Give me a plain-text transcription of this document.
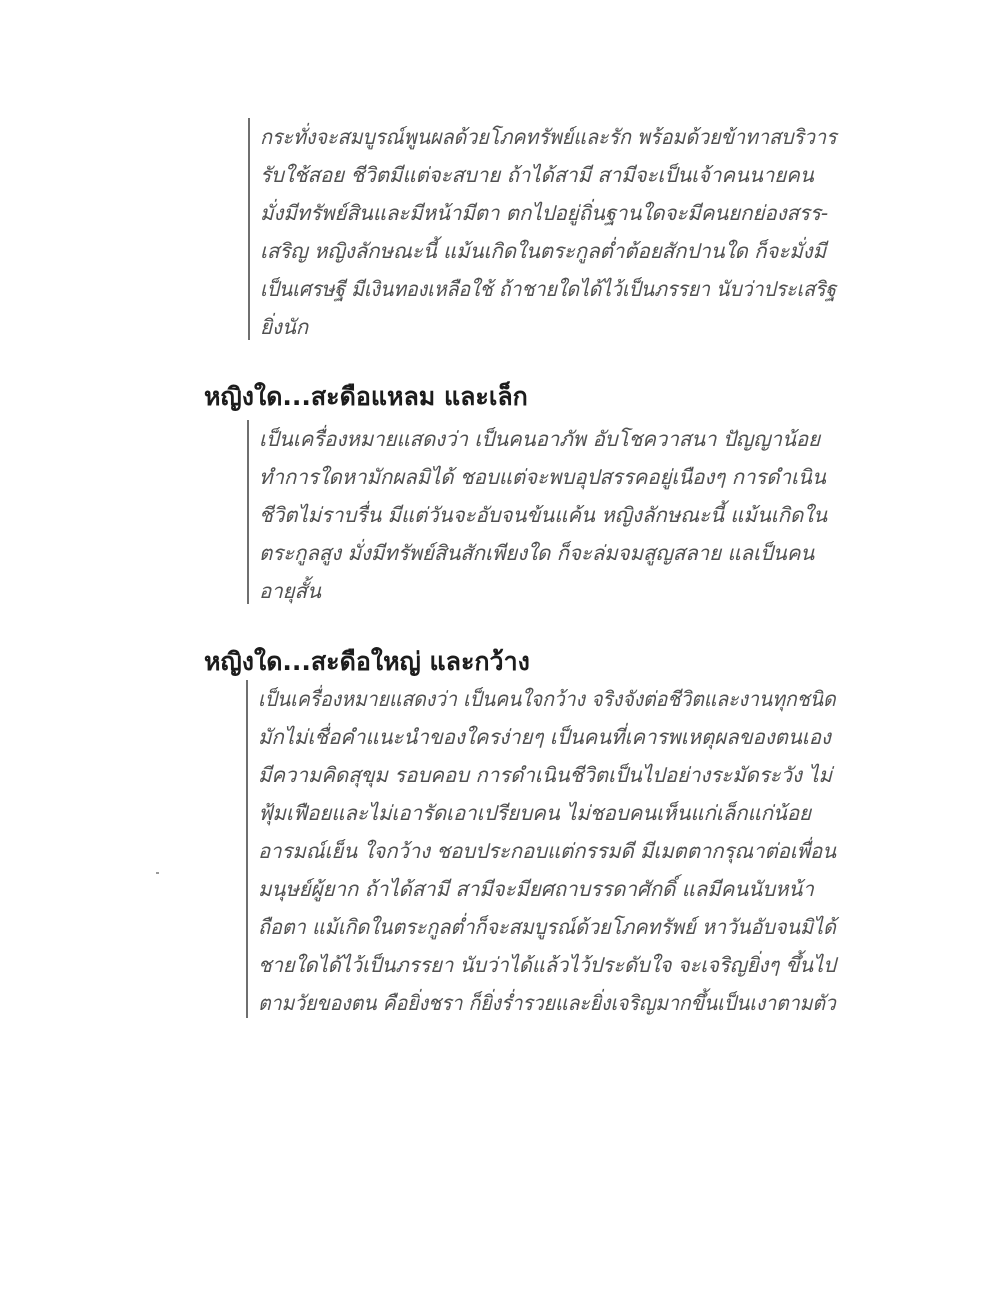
กระทั่งจะสมบูรณ์พูนผลด้วยโภคทรัพย์และรัก พร้อมด้วยข้าทาสบริวาร
รับใช้สอย ชีวิตมีแต่จะสบาย ถ้าได้สามี สามีจะเป็นเจ้าคนนายคน
มั่งมีทรัพย์สินและมีหน้ามีตา ตกไปอยู่ถิ่นฐานใดจะมีคนยกย่องสรร-
เสริญ หญิงลักษณะนี้ แม้นเกิดในตระกูลต่ำต้อยสักปานใด ก็จะมั่งมี
เป็นเศรษฐี มีเงินทองเหลือใช้ ถ้าชายใดได้ไว้เป็นภรรยา นับว่าประเสริฐ
ยิ่งนัก
หญิงใด...สะดือแหลม และเล็ก
เป็นเครื่องหมายแสดงว่า เป็นคนอาภัพ อับโชควาสนา ปัญญาน้อย
ทำการใดหามักผลมิได้ ชอบแต่จะพบอุปสรรคอยู่เนืองๆ การดำเนิน
ชีวิตไม่ราบรื่น มีแต่วันจะอับจนข้นแค้น หญิงลักษณะนี้ แม้นเกิดใน
ตระกูลสูง มั่งมีทรัพย์สินสักเพียงใด ก็จะล่มจมสูญสลาย แลเป็นคน
อายุสั้น
หญิงใด...สะดือใหญ่ และกว้าง
เป็นเครื่องหมายแสดงว่า เป็นคนใจกว้าง จริงจังต่อชีวิตและงานทุกชนิด
มักไม่เชื่อคำแนะนำของใครง่ายๆ เป็นคนที่เคารพเหตุผลของตนเอง
มีความคิดสุขุม รอบคอบ การดำเนินชีวิตเป็นไปอย่างระมัดระวัง ไม่
ฟุ้มเฟือยและไม่เอารัดเอาเปรียบคน ไม่ชอบคนเห็นแก่เล็กแก่น้อย
อารมณ์เย็น ใจกว้าง ชอบประกอบแต่กรรมดี มีเมตตากรุณาต่อเพื่อน
มนุษย์ผู้ยาก ถ้าได้สามี สามีจะมียศถาบรรดาศักดิ์ แลมีคนนับหน้า
ถือตา แม้เกิดในตระกูลต่ำก็จะสมบูรณ์ด้วยโภคทรัพย์ หาวันอับจนมิได้
ชายใดได้ไว้เป็นภรรยา นับว่าได้แล้วไว้ประดับใจ จะเจริญยิ่งๆ ขึ้นไป
ตามวัยของตน คือยิ่งชรา ก็ยิ่งร่ำรวยและยิ่งเจริญมากขึ้นเป็นเงาตามตัว
